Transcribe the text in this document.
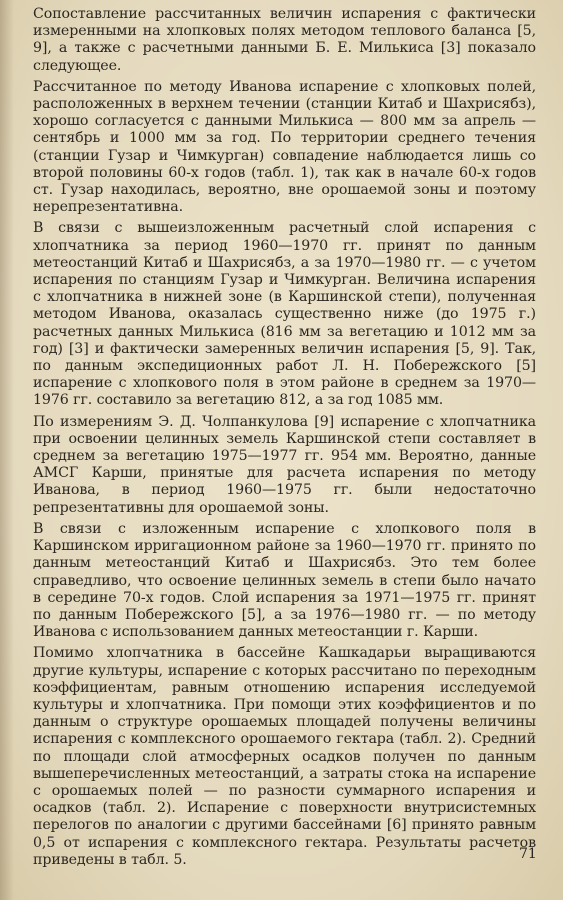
Сопоставление рассчитанных величин испарения с фактически измеренными на хлопковых полях методом теплового баланса [5, 9], а также с расчетными данными Б. Е. Милькиса [3] показало следующее.

Рассчитанное по методу Иванова испарение с хлопковых полей, расположенных в верхнем течении (станции Китаб и Шахрисябз), хорошо согласуется с данными Милькиса — 800 мм за апрель — сентябрь и 1000 мм за год. По территории среднего течения (станции Гузар и Чимкурган) совпадение наблюдается лишь со второй половины 60-х годов (табл. 1), так как в начале 60-х годов ст. Гузар находилась, вероятно, вне орошаемой зоны и поэтому нерепрезентативна.

В связи с вышеизложенным расчетный слой испарения с хлопчатника за период 1960—1970 гг. принят по данным метеостанций Китаб и Шахрисябз, а за 1970—1980 гг. — с учетом испарения по станциям Гузар и Чимкурган. Величина испарения с хлопчатника в нижней зоне (в Каршинской степи), полученная методом Иванова, оказалась существенно ниже (до 1975 г.) расчетных данных Милькиса (816 мм за вегетацию и 1012 мм за год) [3] и фактически замеренных величин испарения [5, 9]. Так, по данным экспедиционных работ Л. Н. Побережского [5] испарение с хлопкового поля в этом районе в среднем за 1970—1976 гг. составило за вегетацию 812, а за год 1085 мм.

По измерениям Э. Д. Чолпанкулова [9] испарение с хлопчатника при освоении целинных земель Каршинской степи составляет в среднем за вегетацию 1975—1977 гг. 954 мм. Вероятно, данные АМСГ Карши, принятые для расчета испарения по методу Иванова, в период 1960—1975 гг. были недостаточно репрезентативны для орошаемой зоны.

В связи с изложенным испарение с хлопкового поля в Каршинском ирригационном районе за 1960—1970 гг. принято по данным метеостанций Китаб и Шахрисябз. Это тем более справедливо, что освоение целинных земель в степи было начато в середине 70-х годов. Слой испарения за 1971—1975 гг. принят по данным Побережского [5], а за 1976—1980 гг. — по методу Иванова с использованием данных метеостанции г. Карши.

Помимо хлопчатника в бассейне Кашкадарьи выращиваются другие культуры, испарение с которых рассчитано по переходным коэффициентам, равным отношению испарения исследуемой культуры и хлопчатника. При помощи этих коэффициентов и по данным о структуре орошаемых площадей получены величины испарения с комплексного орошаемого гектара (табл. 2). Средний по площади слой атмосферных осадков получен по данным вышеперечисленных метеостанций, а затраты стока на испарение с орошаемых полей — по разности суммарного испарения и осадков (табл. 2). Испарение с поверхности внутрисистемных перелогов по аналогии с другими бассейнами [6] принято равным 0,5 от испарения с комплексного гектара. Результаты расчетов приведены в табл. 5.	71
